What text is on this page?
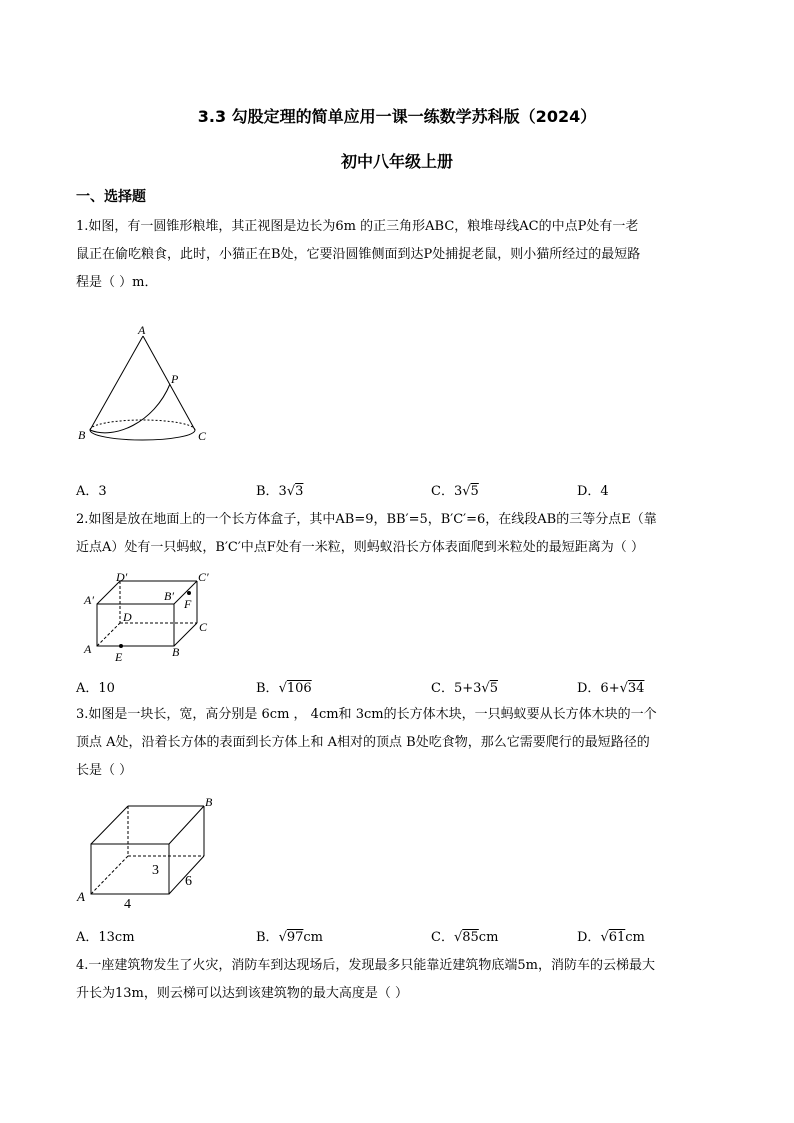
3.3 勾股定理的简单应用一课一练数学苏科版（2024）
初中八年级上册
一、选择题
1.如图，有一圆锥形粮堆，其正视图是边长为6m 的正三角形ABC，粮堆母线AC的中点P处有一老
鼠正在偷吃粮食，此时，小猫正在B处，它要沿圆锥侧面到达P处捕捉老鼠，则小猫所经过的最短路
程是（ ）m．
A
P
B	C
A．3	B．3√3	C．3√5	D．4
2.如图是放在地面上的一个长方体盒子，其中AB=9，BB′=5，B′C′=6，在线段AB的三等分点E（靠
近点A）处有一只蚂蚁，B′C′中点F处有一米粒，则蚂蚁沿长方体表面爬到米粒处的最短距离为（ ）
D′	C′
A′	B′
F
D
C
A
E	B
A．10	B．√106	C．5+3√5	D．6+√34
3.如图是一块长，宽，高分别是 6cm ， 4cm和 3cm的长方体木块，一只蚂蚁要从长方体木块的一个
顶点 A处，沿着长方体的表面到长方体上和 A相对的顶点 B处吃食物，那么它需要爬行的最短路径的
长是（ ）
B
A
3
6
4
A．13cm	B．√97cm	C．√85cm	D．√61cm
4.一座建筑物发生了火灾，消防车到达现场后，发现最多只能靠近建筑物底端5m，消防车的云梯最大
升长为13m，则云梯可以达到该建筑物的最大高度是（ ）
